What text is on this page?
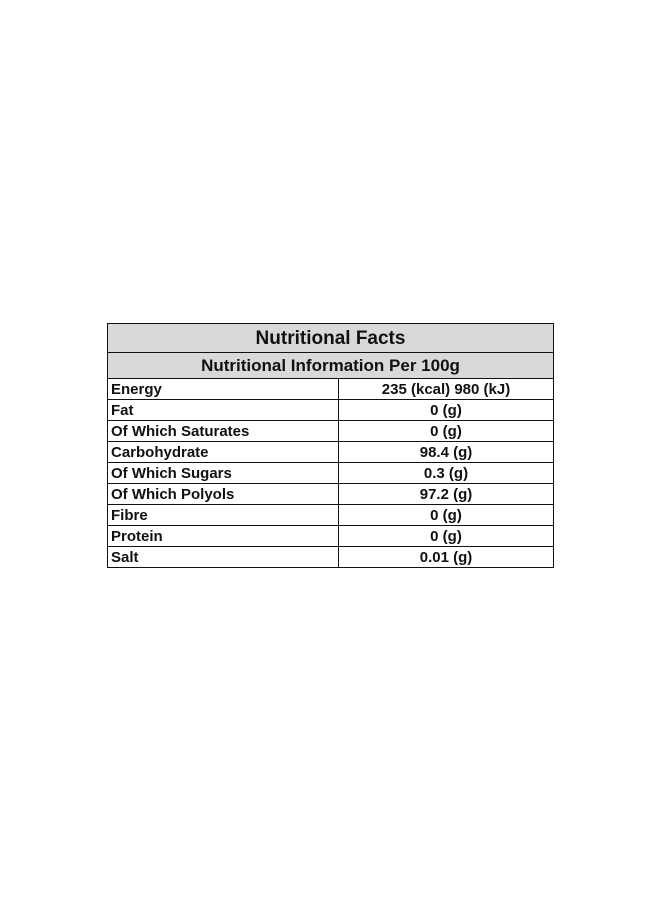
Nutritional Facts	
Nutritional Information Per 100g	
Energy	235 (kcal) 980 (kJ)
Fat	0 (g)
Of Which Saturates	0 (g)
Carbohydrate	98.4 (g)
Of Which Sugars	0.3 (g)
Of Which Polyols	97.2 (g)
Fibre	0 (g)
Protein	0 (g)
Salt	0.01 (g)
